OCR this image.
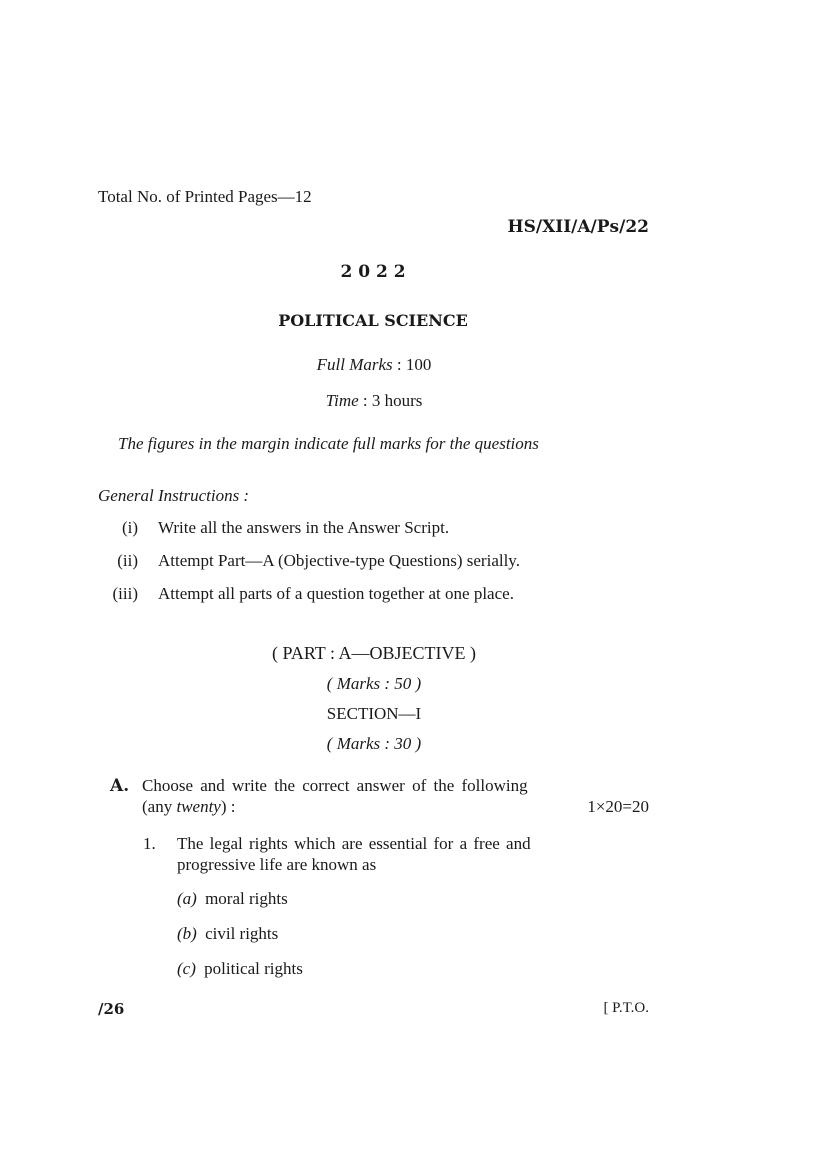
Total No. of Printed Pages—12
HS/XII/A/Ps/22
2 0 2 2
POLITICAL SCIENCE
Full Marks : 100
Time : 3 hours
The figures in the margin indicate full marks for the questions
General Instructions :
(i) Write all the answers in the Answer Script.
(ii) Attempt Part—A (Objective-type Questions) serially.
(iii) Attempt all parts of a question together at one place.
( PART : A—OBJECTIVE )
( Marks : 50 )
SECTION—I
( Marks : 30 )
A. Choose and write the correct answer of the following
(any twenty) :	1×20=20
1. The legal rights which are essential for a free and
progressive life are known as
(a) moral rights
(b) civil rights
(c) political rights
/26	[ P.T.O.
